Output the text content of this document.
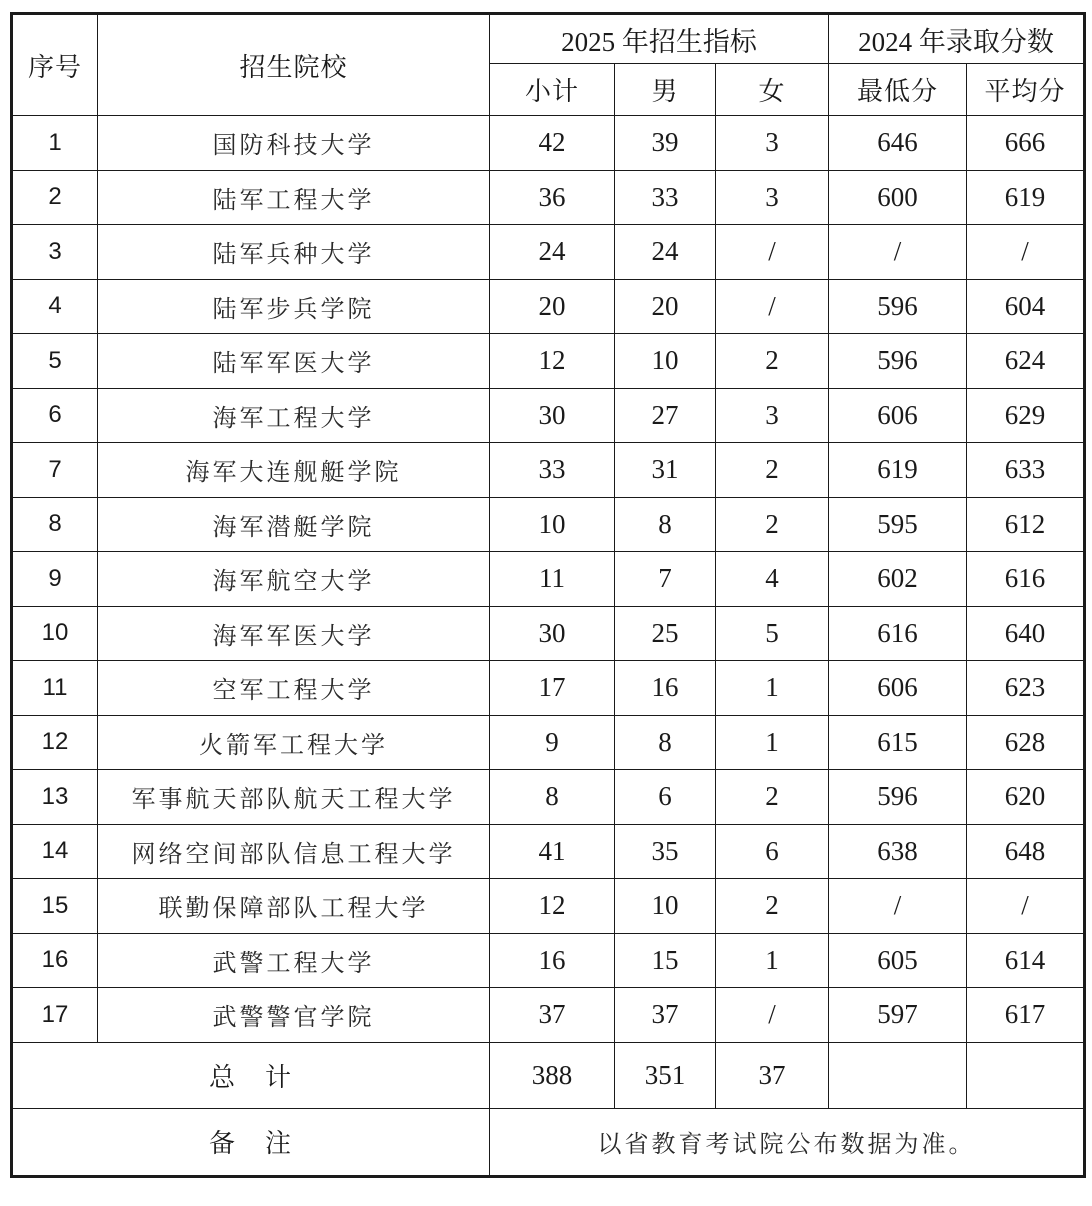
序号	招生院校	2025 年招生指标			2024 年录取分数	
		小计	男	女	最低分	平均分
1	国防科技大学	42	39	3	646	666
2	陆军工程大学	36	33	3	600	619
3	陆军兵种大学	24	24	/	/	/
4	陆军步兵学院	20	20	/	596	604
5	陆军军医大学	12	10	2	596	624
6	海军工程大学	30	27	3	606	629
7	海军大连舰艇学院	33	31	2	619	633
8	海军潜艇学院	10	8	2	595	612
9	海军航空大学	11	7	4	602	616
10	海军军医大学	30	25	5	616	640
11	空军工程大学	17	16	1	606	623
12	火箭军工程大学	9	8	1	615	628
13	军事航天部队航天工程大学	8	6	2	596	620
14	网络空间部队信息工程大学	41	35	6	638	648
15	联勤保障部队工程大学	12	10	2	/	/
16	武警工程大学	16	15	1	605	614
17	武警警官学院	37	37	/	597	617
总　计		388	351	37		
备　注		以省教育考试院公布数据为准。				
